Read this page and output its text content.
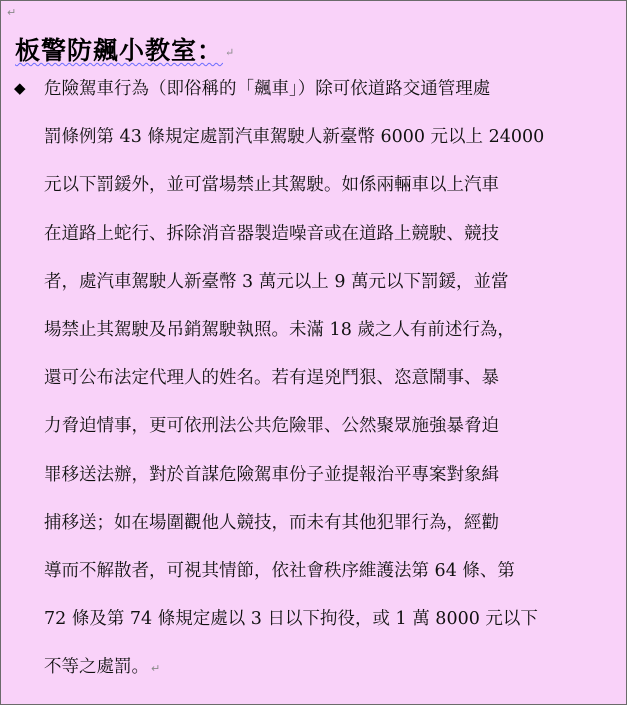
↵
板警防飆小教室： ↵
◆ 危險駕車行為（即俗稱的「飆車」）除可依道路交通管理處
罰條例第 43 條規定處罰汽車駕駛人新臺幣 6000 元以上 24000
元以下罰鍰外，並可當場禁止其駕駛。如係兩輛車以上汽車
在道路上蛇行、拆除消音器製造噪音或在道路上競駛、競技
者，處汽車駕駛人新臺幣 3 萬元以上 9 萬元以下罰鍰，並當
場禁止其駕駛及吊銷駕駛執照。未滿 18 歲之人有前述行為，
還可公布法定代理人的姓名。若有逞兇鬥狠、恣意鬧事、暴
力脅迫情事，更可依刑法公共危險罪、公然聚眾施強暴脅迫
罪移送法辦，對於首謀危險駕車份子並提報治平專案對象緝
捕移送；如在場圍觀他人競技，而未有其他犯罪行為，經勸
導而不解散者，可視其情節，依社會秩序維護法第 64 條、第
72 條及第 74 條規定處以 3 日以下拘役，或 1 萬 8000 元以下
不等之處罰。 ↵
